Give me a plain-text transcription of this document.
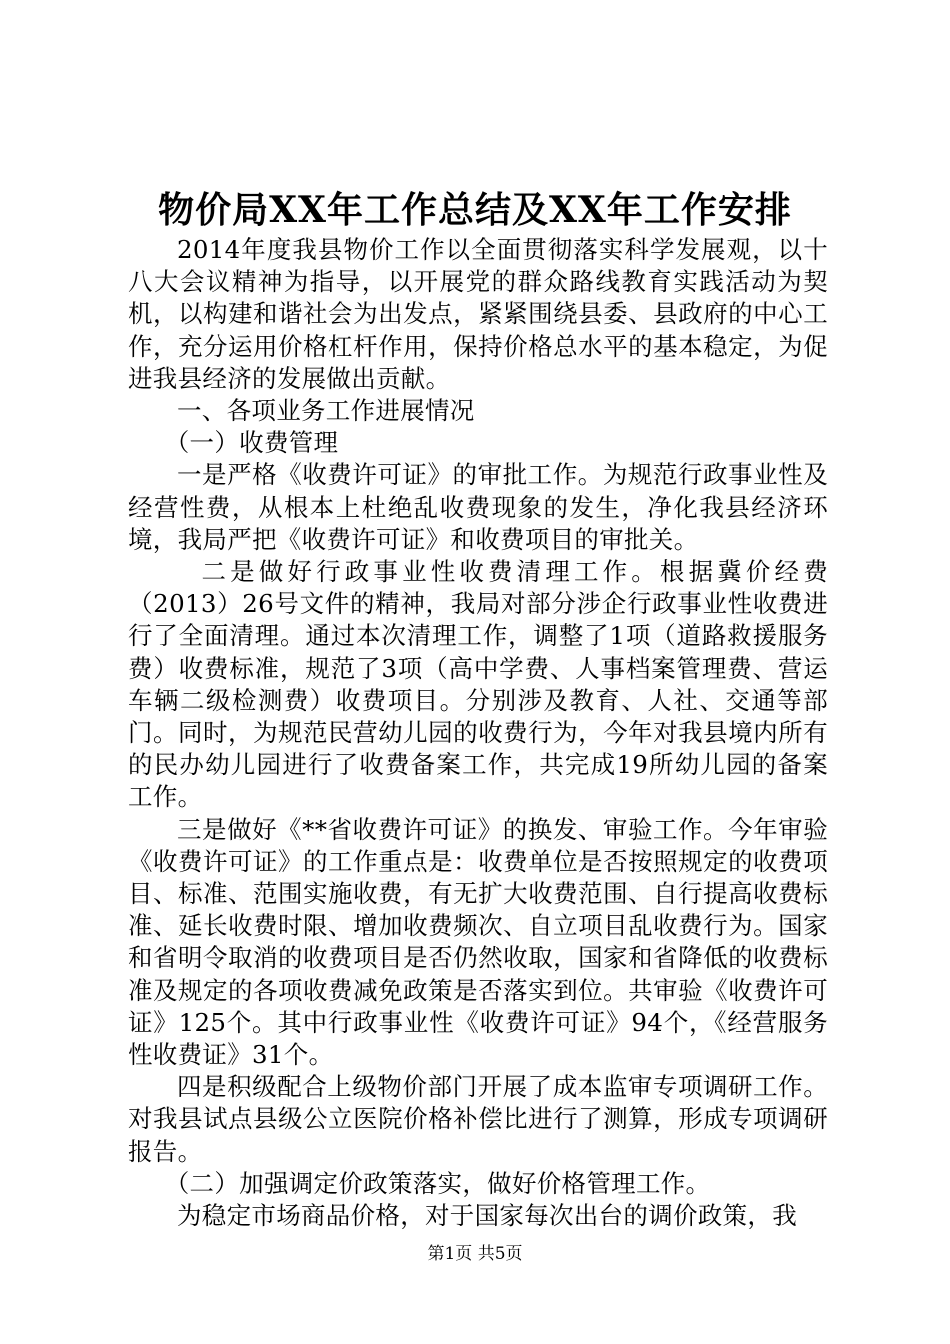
物价局XX年工作总结及XX年工作安排

2014年度我县物价工作以全面贯彻落实科学发展观，以十八大会议精神为指导，以开展党的群众路线教育实践活动为契机，以构建和谐社会为出发点，紧紧围绕县委、县政府的中心工作，充分运用价格杠杆作用，保持价格总水平的基本稳定，为促进我县经济的发展做出贡献。

一、各项业务工作进展情况

（一）收费管理

一是严格《收费许可证》的审批工作。为规范行政事业性及经营性费，从根本上杜绝乱收费现象的发生，净化我县经济环境，我局严把《收费许可证》和收费项目的审批关。

二是做好行政事业性收费清理工作。根据冀价经费（2013）26号文件的精神，我局对部分涉企行政事业性收费进行了全面清理。通过本次清理工作，调整了1项（道路救援服务费）收费标准，规范了3项（高中学费、人事档案管理费、营运车辆二级检测费）收费项目。分别涉及教育、人社、交通等部门。同时，为规范民营幼儿园的收费行为，今年对我县境内所有的民办幼儿园进行了收费备案工作，共完成19所幼儿园的备案工作。

三是做好《**省收费许可证》的换发、审验工作。今年审验《收费许可证》的工作重点是：收费单位是否按照规定的收费项目、标准、范围实施收费，有无扩大收费范围、自行提高收费标准、延长收费时限、增加收费频次、自立项目乱收费行为。国家和省明令取消的收费项目是否仍然收取，国家和省降低的收费标准及规定的各项收费减免政策是否落实到位。共审验《收费许可证》125个。其中行政事业性《收费许可证》94个，《经营服务性收费证》31个。

四是积级配合上级物价部门开展了成本监审专项调研工作。对我县试点县级公立医院价格补偿比进行了测算，形成专项调研报告。

（二）加强调定价政策落实，做好价格管理工作。

为稳定市场商品价格，对于国家每次出台的调价政策，我

第1页 共5页
